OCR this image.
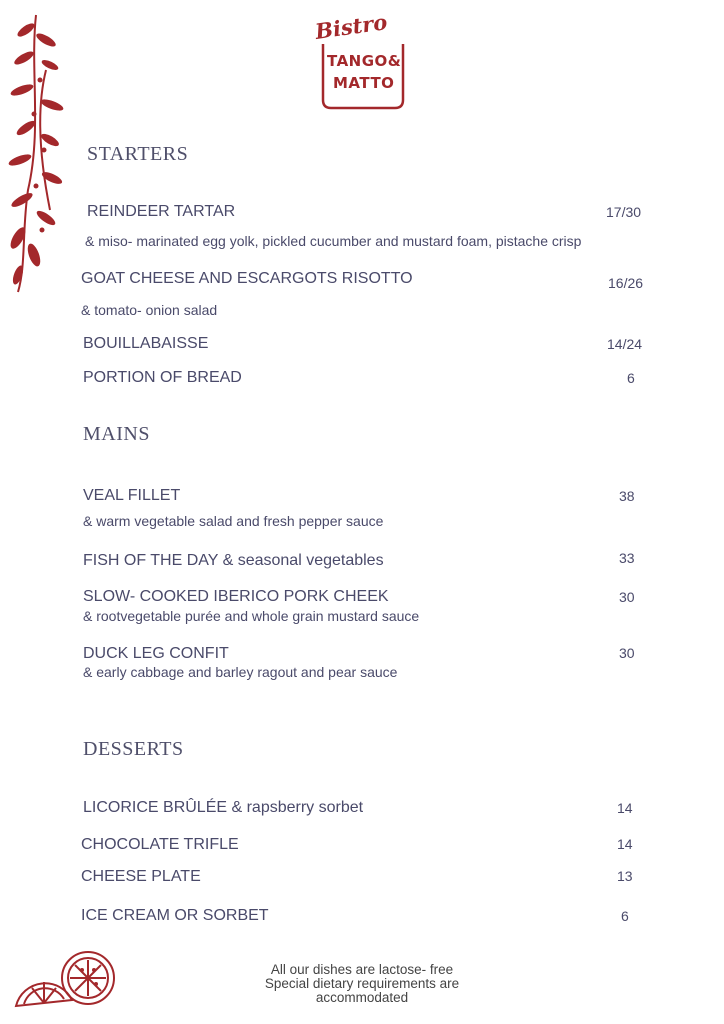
Bistro
TANGO&
MATTO
STARTERS
REINDEER TARTAR	17/30
& miso- marinated egg yolk, pickled cucumber and mustard foam, pistache crisp
GOAT CHEESE AND ESCARGOTS RISOTTO	16/26
& tomato- onion salad
BOUILLABAISSE	14/24
PORTION OF BREAD	6
MAINS
VEAL FILLET	38
& warm vegetable salad and fresh pepper sauce
FISH OF THE DAY & seasonal vegetables	33
SLOW- COOKED IBERICO PORK CHEEK	30
& rootvegetable purée and whole grain mustard sauce
DUCK LEG CONFIT	30
& early cabbage and barley ragout and pear sauce
DESSERTS
LICORICE BRÛLÉE & rapsberry sorbet	14
CHOCOLATE TRIFLE	14
CHEESE PLATE	13
ICE CREAM OR SORBET	6
All our dishes are lactose- free
Special dietary requirements are
accommodated
